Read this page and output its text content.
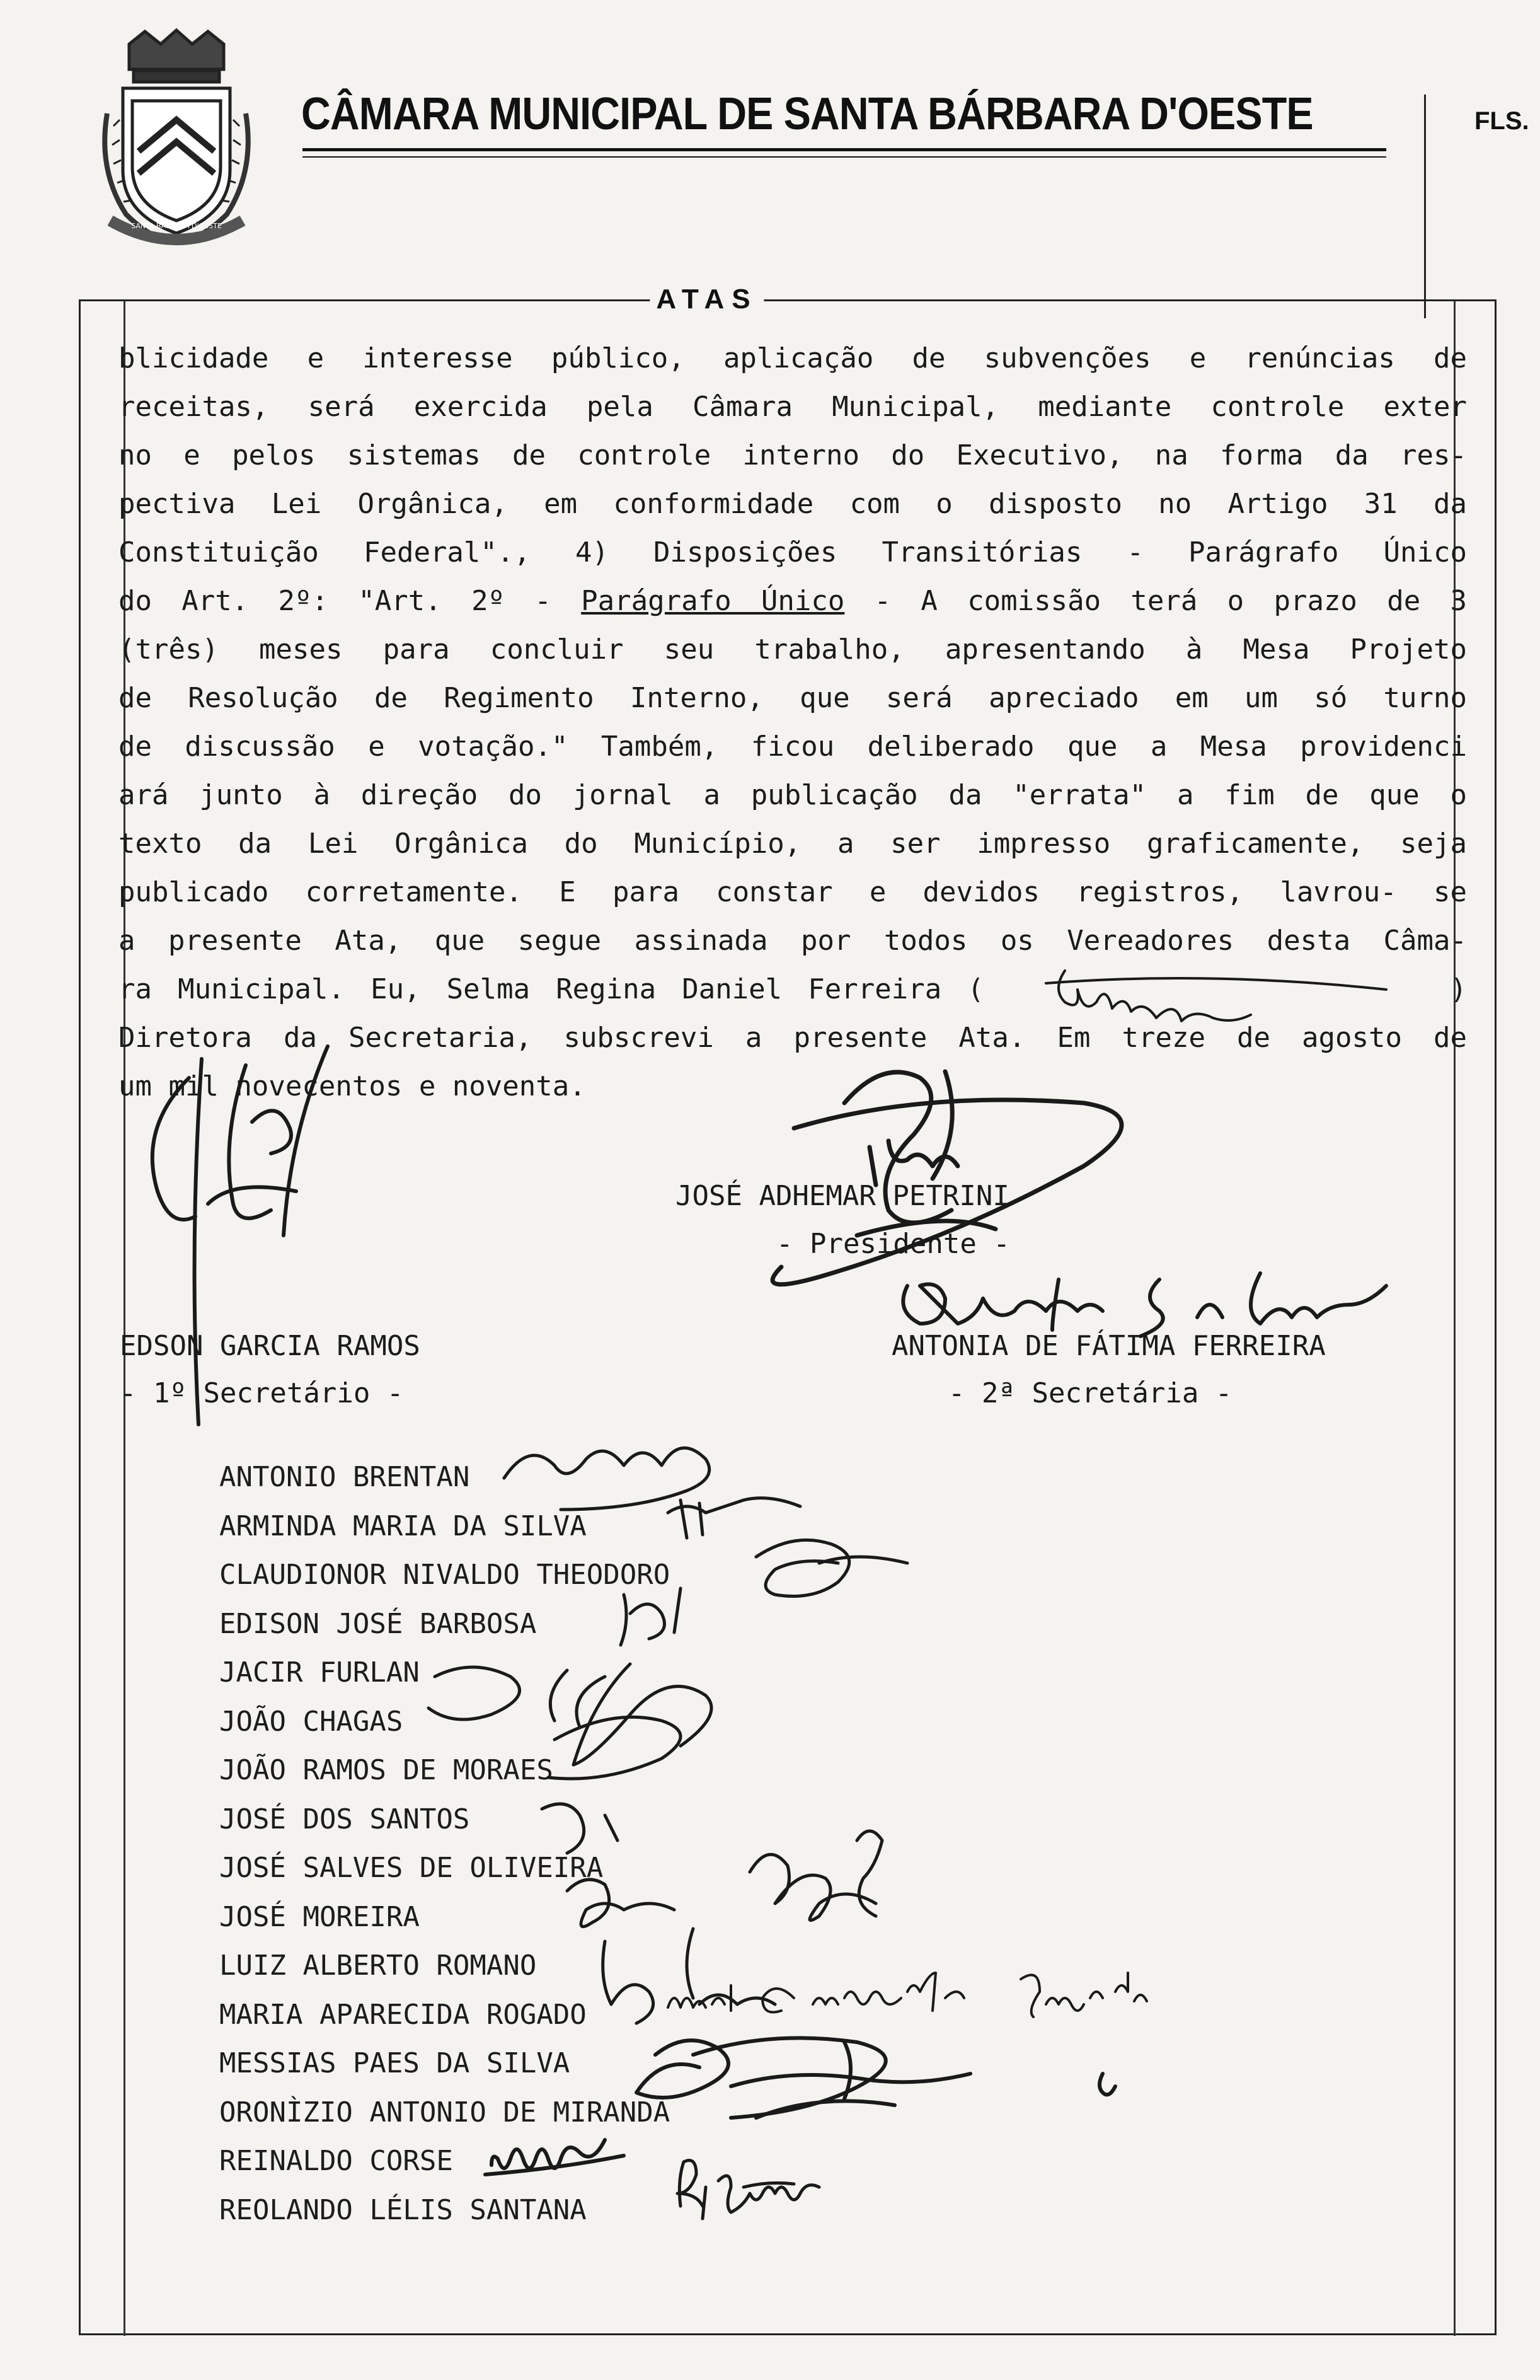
SANTA BÁRBARA D'OESTE
CÂMARA MUNICIPAL DE SANTA BÁRBARA D'OESTE	FLS.
ATAS
blicidade e interesse público, aplicação de subvenções e renúncias de
receitas, será exercida pela Câmara Municipal, mediante controle exter
no e pelos sistemas de controle interno do Executivo, na forma da res-
pectiva Lei Orgânica, em conformidade com o disposto no Artigo 31 da
Constituição Federal"., 4) Disposições Transitórias - Parágrafo Único
do Art. 2º: "Art. 2º - Parágrafo Único - A comissão terá o prazo de 3
(três) meses para concluir seu trabalho, apresentando à Mesa Projeto
de Resolução de Regimento Interno, que será apreciado em um só turno
de discussão e votação." Também, ficou deliberado que a Mesa providenci
ará junto à direção do jornal a publicação da "errata" a fim de que o
texto da Lei Orgânica do Município, a ser impresso graficamente, seja
publicado corretamente. E para constar e devidos registros, lavrou- se
a presente Ata, que segue assinada por todos os Vereadores desta Câma-
ra Municipal. Eu, Selma Regina Daniel Ferreira (                  )
Diretora da Secretaria, subscrevi a presente Ata. Em treze de agosto de
um mil novecentos e noventa.
JOSÉ ADHEMAR PETRINI
- Presidente -
EDSON GARCIA RAMOS
- 1º Secretário -
ANTONIA DE FÁTIMA FERREIRA
- 2ª Secretária -
ANTONIO BRENTAN
ARMINDA MARIA DA SILVA
CLAUDIONOR NIVALDO THEODORO
EDISON JOSÉ BARBOSA
JACIR FURLAN
JOÃO CHAGAS
JOÃO RAMOS DE MORAES
JOSÉ DOS SANTOS
JOSÉ SALVES DE OLIVEIRA
JOSÉ MOREIRA
LUIZ ALBERTO ROMANO
MARIA APARECIDA ROGADO
MESSIAS PAES DA SILVA
ORONÌZIO ANTONIO DE MIRANDA
REINALDO CORSE
REOLANDO LÉLIS SANTANA
